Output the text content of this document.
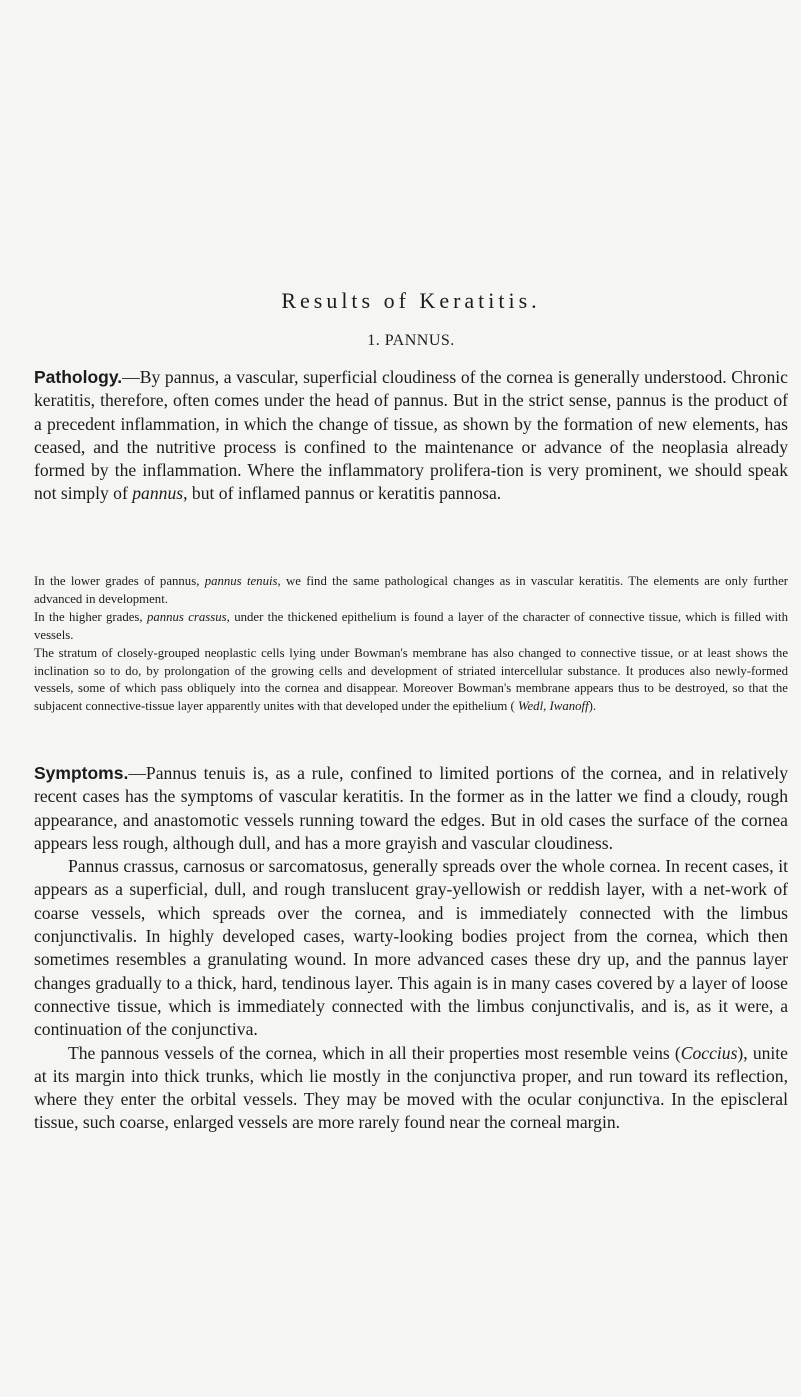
Results of Keratitis.
1. PANNUS.
Pathology.—By pannus, a vascular, superficial cloudiness of the cornea is generally understood. Chronic keratitis, therefore, often comes under the head of pannus. But in the strict sense, pannus is the product of a precedent inflammation, in which the change of tissue, as shown by the formation of new elements, has ceased, and the nutritive process is confined to the maintenance or advance of the neoplasia already formed by the inflammation. Where the inflammatory prolifera-tion is very prominent, we should speak not simply of pannus, but of inflamed pannus or keratitis pannosa.

In the lower grades of pannus, pannus tenuis, we find the same pathological changes as in vascular keratitis. The elements are only further advanced in development.

In the higher grades, pannus crassus, under the thickened epithelium is found a layer of the character of connective tissue, which is filled with vessels.

The stratum of closely-grouped neoplastic cells lying under Bowman's membrane has also changed to connective tissue, or at least shows the inclination so to do, by prolongation of the growing cells and development of striated intercellular substance. It produces also newly-formed vessels, some of which pass obliquely into the cornea and disappear. Moreover Bowman's membrane appears thus to be destroyed, so that the subjacent connective-tissue layer apparently unites with that developed under the epithelium ( Wedl, Iwanoff).

Symptoms.—Pannus tenuis is, as a rule, confined to limited portions of the cornea, and in relatively recent cases has the symptoms of vascular keratitis. In the former as in the latter we find a cloudy, rough appearance, and anastomotic vessels running toward the edges. But in old cases the surface of the cornea appears less rough, although dull, and has a more grayish and vascular cloudiness.

Pannus crassus, carnosus or sarcomatosus, generally spreads over the whole cornea. In recent cases, it appears as a superficial, dull, and rough translucent gray-yellowish or reddish layer, with a net-work of coarse vessels, which spreads over the cornea, and is immediately connected with the limbus conjunctivalis. In highly developed cases, warty-looking bodies project from the cornea, which then sometimes resembles a granulating wound. In more advanced cases these dry up, and the pannus layer changes gradually to a thick, hard, tendinous layer. This again is in many cases covered by a layer of loose connective tissue, which is immediately connected with the limbus conjunctivalis, and is, as it were, a continuation of the conjunctiva.

The pannous vessels of the cornea, which in all their properties most resemble veins (Coccius), unite at its margin into thick trunks, which lie mostly in the conjunctiva proper, and run toward its reflection, where they enter the orbital vessels. They may be moved with the ocular conjunctiva. In the episcleral tissue, such coarse, enlarged vessels are more rarely found near the corneal margin.
